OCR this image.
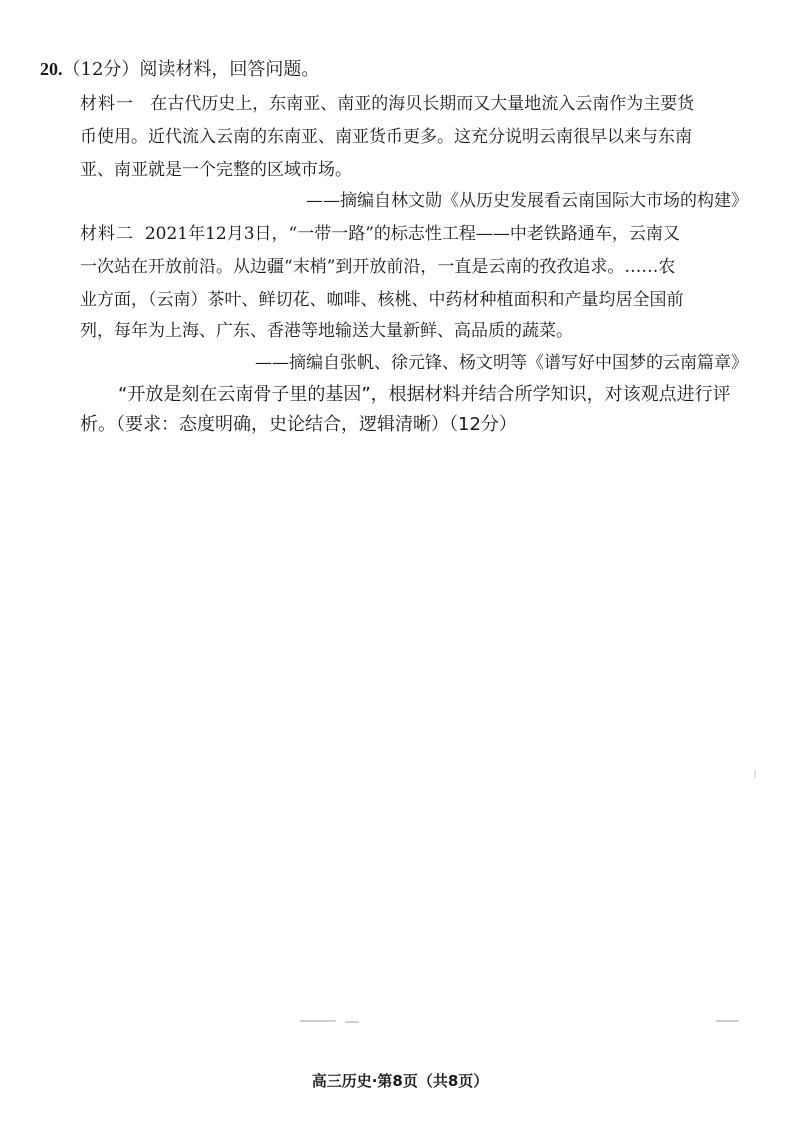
20.（12分）阅读材料，回答问题。
材料一 在古代历史上，东南亚、南亚的海贝长期而又大量地流入云南作为主要货
币使用。近代流入云南的东南亚、南亚货币更多。这充分说明云南很早以来与东南
亚、南亚就是一个完整的区域市场。
——摘编自林文勋《从历史发展看云南国际大市场的构建》
材料二 2021年12月3日，“一带一路”的标志性工程——中老铁路通车，云南又
一次站在开放前沿。从边疆“末梢”到开放前沿，一直是云南的孜孜追求。……农
业方面，（云南）茶叶、鲜切花、咖啡、核桃、中药材种植面积和产量均居全国前
列，每年为上海、广东、香港等地输送大量新鲜、高品质的蔬菜。
——摘编自张帆、徐元锋、杨文明等《谱写好中国梦的云南篇章》
“开放是刻在云南骨子里的基因”，根据材料并结合所学知识，对该观点进行评
析。（要求：态度明确，史论结合，逻辑清晰）（12分）
高三历史·第8页（共8页）
